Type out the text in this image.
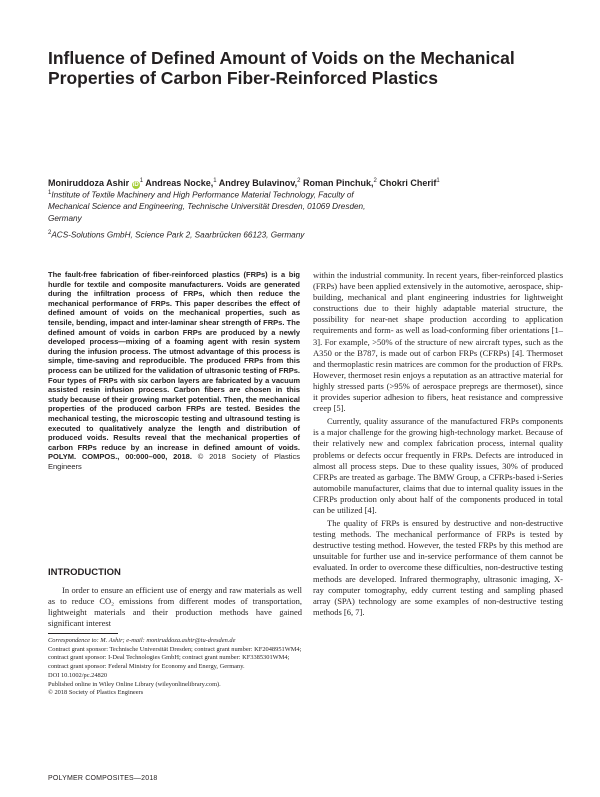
Influence of Defined Amount of Voids on the Mechanical Properties of Carbon Fiber-Reinforced Plastics
Moniruddoza Ashir $iD^1$ Andreas Nocke,$^1$ Andrey Bulavinov,$^2$ Roman Pinchuk,$^2$ Chokri Cherif$^1$
$^1$Institute of Textile Machinery and High Performance Material Technology, Faculty of Mechanical Science and Engineering, Technische Universität Dresden, 01069 Dresden, Germany
$^2$ACS-Solutions GmbH, Science Park 2, Saarbrücken 66123, Germany

The fault-free fabrication of fiber-reinforced plastics (FRPs) is a big hurdle for textile and composite manufacturers. Voids are generated during the infiltration process of FRPs, which then reduce the mechanical performance of FRPs. This paper describes the effect of defined amount of voids on the mechanical properties, such as tensile, bending, impact and inter-laminar shear strength of FRPs. The defined amount of voids in carbon FRPs are produced by a newly developed process—mixing of a foaming agent with resin system during the infusion process. The utmost advantage of this process is simple, time-saving and reproducible. The produced FRPs from this process can be utilized for the validation of ultrasonic testing of FRPs. Four types of FRPs with six carbon layers are fabricated by a vacuum assisted resin infusion process. Carbon fibers are chosen in this study because of their growing market potential. Then, the mechanical properties of the produced carbon FRPs are tested. Besides the mechanical testing, the microscopic testing and ultrasound testing is executed to qualitatively analyze the length and distribution of produced voids. Results reveal that the mechanical properties of carbon FRPs reduce by an increase in defined amount of voids. POLYM. COMPOS., 00:000–000, 2018. © 2018 Society of Plastics Engineers

INTRODUCTION

In order to ensure an efficient use of energy and raw materials as well as to reduce CO₂ emissions from different modes of transportation, lightweight materials and their production methods have gained significant interest

Correspondence to: M. Ashir; e-mail: moniruddoza.ashir@tu-dresden.de
Contract grant sponsor: Technische Universität Dresden; contract grant number: KF2048951WM4; contract grant sponsor: I-Deal Technologies GmbH; contract grant number: KF3385301WM4; contract grant sponsor: Federal Ministry for Economy and Energy, Germany.
DOI 10.1002/pc.24820
Published online in Wiley Online Library (wileyonlinelibrary.com).
© 2018 Society of Plastics Engineers

within the industrial community. In recent years, fiber-reinforced plastics (FRPs) have been applied extensively in the automotive, aerospace, ship-building, mechanical and plant engineering industries for lightweight constructions due to their highly adaptable material structure, the possibility for near-net shape production according to application requirements and form- as well as load-conforming fiber orientations [1–3]. For example, >50% of the structure of new aircraft types, such as the A350 or the B787, is made out of carbon FRPs (CFRPs) [4]. Thermoset and thermoplastic resin matrices are common for the production of FRPs. However, thermoset resin enjoys a reputation as an attractive material for highly stressed parts (>95% of aerospace prepregs are thermoset), since it provides superior adhesion to fibers, heat resistance and compressive creep [5].

Currently, quality assurance of the manufactured FRPs components is a major challenge for the growing high-technology market. Because of their relatively new and complex fabrication process, internal quality problems or defects occur frequently in FRPs. Defects are introduced in almost all process steps. Due to these quality issues, 30% of produced CFRPs are treated as garbage. The BMW Group, a CFRPs-based i-Series automobile manufacturer, claims that due to internal quality issues in the CFRPs production only about half of the components produced in total can be utilized [4].

The quality of FRPs is ensured by destructive and non-destructive testing methods. The mechanical performance of FRPs is tested by destructive testing method. However, the tested FRPs by this method are unsuitable for further use and in-service performance of them cannot be evaluated. In order to overcome these difficulties, non-destructive testing methods are developed. Infrared thermography, ultrasonic imaging, X-ray computer tomography, eddy current testing and sampling phased array (SPA) technology are some examples of non-destructive testing methods [6, 7].

POLYMER COMPOSITES—2018
